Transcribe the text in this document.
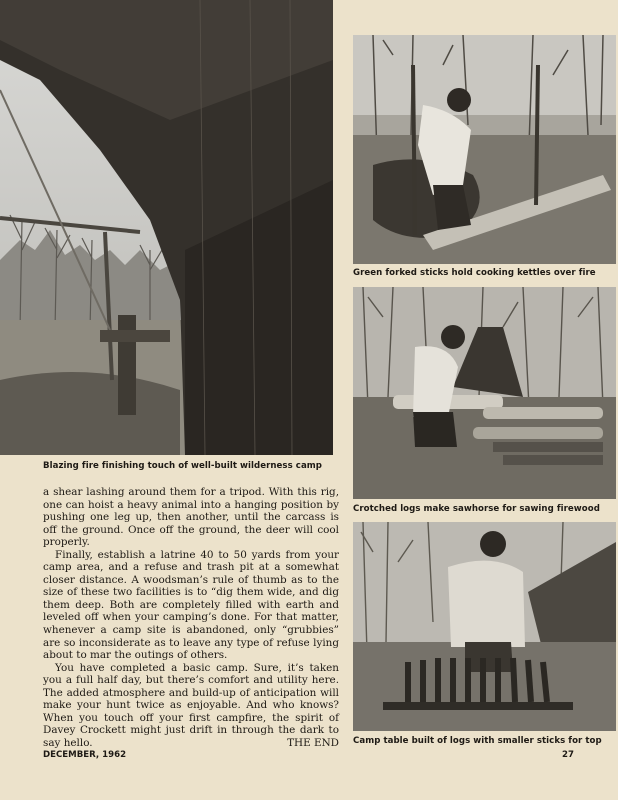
Blazing fire finishing touch of well-built wilderness camp
Green forked sticks hold cooking kettles over fire
Crotched logs make sawhorse for sawing firewood
Camp table built of logs with smaller sticks for top

a shear lashing around them for a tripod. With this rig, one can hoist a heavy animal into a hanging position by pushing one leg up, then another, until the carcass is off the ground. Once off the ground, the deer will cool properly.

Finally, establish a latrine 40 to 50 yards from your camp area, and a refuse and trash pit at a somewhat closer distance. A woodsman’s rule of thumb as to the size of these two facilities is to “dig them wide, and dig them deep. Both are completely filled with earth and leveled off when your camping’s done. For that matter, whenever a camp site is abandoned, only “grubbies” are so inconsiderate as to leave any type of refuse lying about to mar the outings of others.

You have completed a basic camp. Sure, it’s taken you a full half day, but there’s comfort and utility here. The added atmosphere and build-up of anticipation will make your hunt twice as enjoyable. And who knows? When you touch off your first campfire, the spirit of Davey Crockett might just drift in through the dark to say hello.	THE END

DECEMBER, 1962	27
